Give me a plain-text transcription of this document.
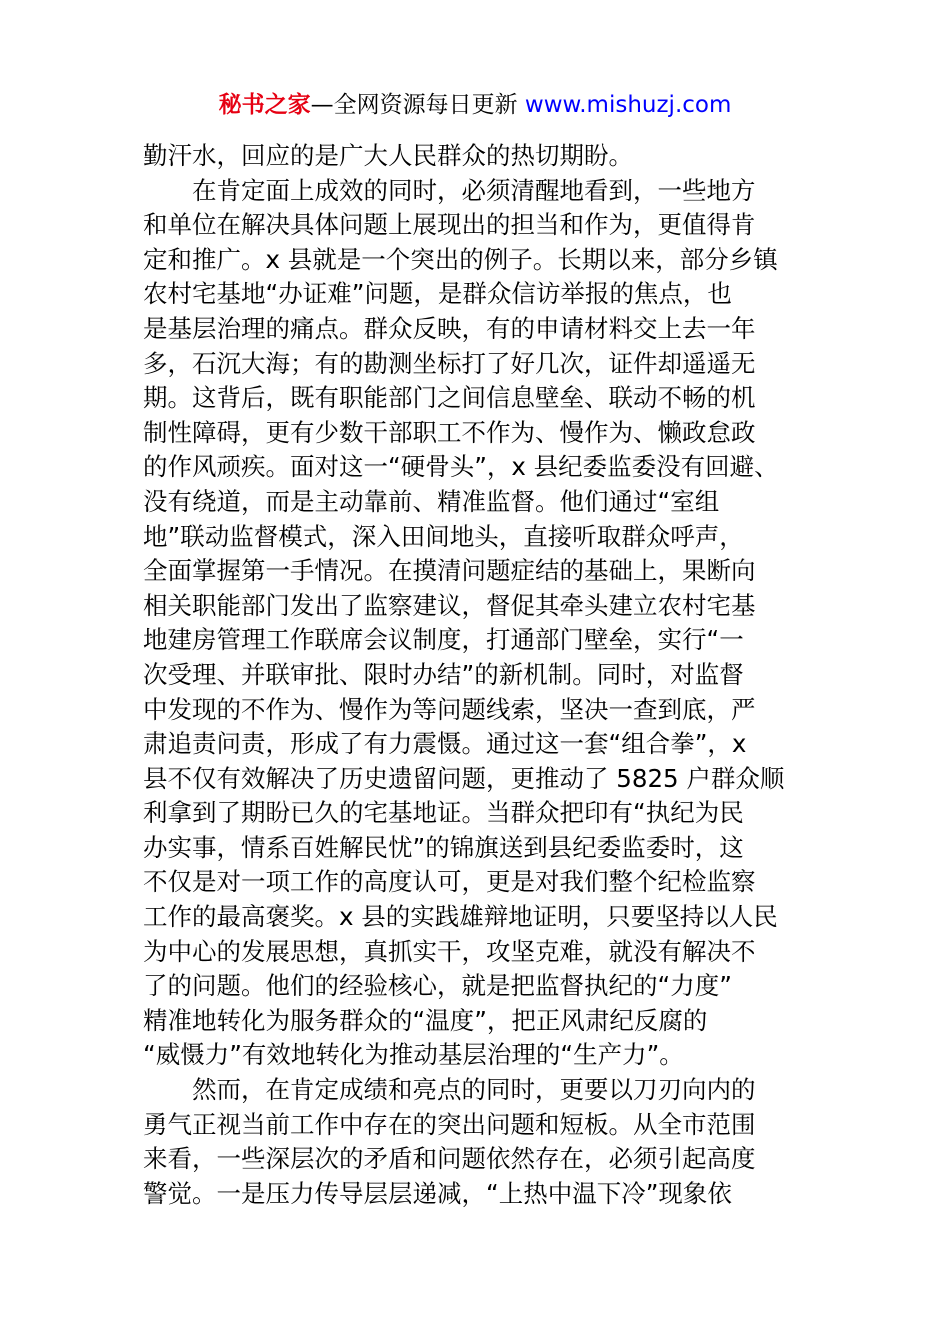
秘书之家—全网资源每日更新 www.mishuzj.com
勤汗水，回应的是广大人民群众的热切期盼。
　　在肯定面上成效的同时，必须清醒地看到，一些地方
和单位在解决具体问题上展现出的担当和作为，更值得肯
定和推广。x 县就是一个突出的例子。长期以来，部分乡镇
农村宅基地“办证难”问题，是群众信访举报的焦点，也
是基层治理的痛点。群众反映，有的申请材料交上去一年
多，石沉大海；有的勘测坐标打了好几次，证件却遥遥无
期。这背后，既有职能部门之间信息壁垒、联动不畅的机
制性障碍，更有少数干部职工不作为、慢作为、懒政怠政
的作风顽疾。面对这一“硬骨头”，x 县纪委监委没有回避、
没有绕道，而是主动靠前、精准监督。他们通过“室组
地”联动监督模式，深入田间地头，直接听取群众呼声，
全面掌握第一手情况。在摸清问题症结的基础上，果断向
相关职能部门发出了监察建议，督促其牵头建立农村宅基
地建房管理工作联席会议制度，打通部门壁垒，实行“一
次受理、并联审批、限时办结”的新机制。同时，对监督
中发现的不作为、慢作为等问题线索，坚决一查到底，严
肃追责问责，形成了有力震慑。通过这一套“组合拳”，x
县不仅有效解决了历史遗留问题，更推动了 5825 户群众顺
利拿到了期盼已久的宅基地证。当群众把印有“执纪为民
办实事，情系百姓解民忧”的锦旗送到县纪委监委时，这
不仅是对一项工作的高度认可，更是对我们整个纪检监察
工作的最高褒奖。x 县的实践雄辩地证明，只要坚持以人民
为中心的发展思想，真抓实干，攻坚克难，就没有解决不
了的问题。他们的经验核心，就是把监督执纪的“力度”
精准地转化为服务群众的“温度”，把正风肃纪反腐的
“威慑力”有效地转化为推动基层治理的“生产力”。
　　然而，在肯定成绩和亮点的同时，更要以刀刃向内的
勇气正视当前工作中存在的突出问题和短板。从全市范围
来看，一些深层次的矛盾和问题依然存在，必须引起高度
警觉。一是压力传导层层递减，“上热中温下冷”现象依
